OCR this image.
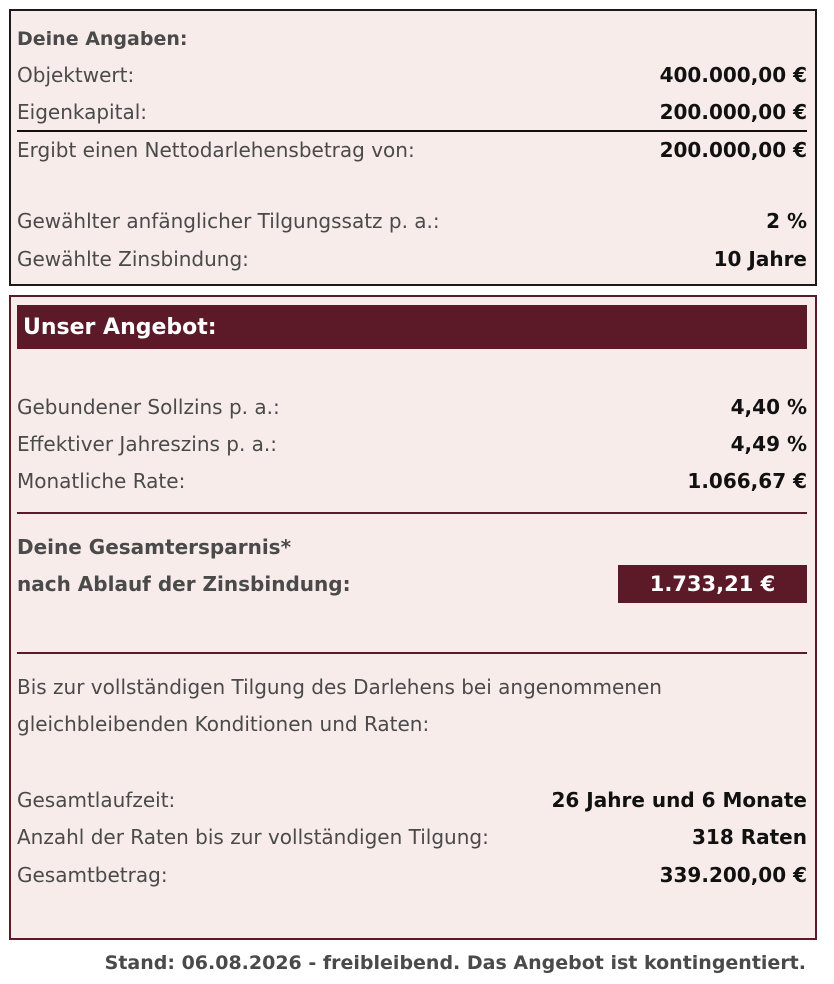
Deine Angaben:
Objektwert:	400.000,00 €
Eigenkapital:	200.000,00 €
Ergibt einen Nettodarlehensbetrag von:	200.000,00 €
Gewählter anfänglicher Tilgungssatz p. a.:	2 %
Gewählte Zinsbindung:	10 Jahre
Unser Angebot:
Gebundener Sollzins p. a.:	4,40 %
Effektiver Jahreszins p. a.:	4,49 %
Monatliche Rate:	1.066,67 €
Deine Gesamtersparnis*
nach Ablauf der Zinsbindung:	1.733,21 €
Bis zur vollständigen Tilgung des Darlehens bei angenommenen
gleichbleibenden Konditionen und Raten:
Gesamtlaufzeit:	26 Jahre und 6 Monate
Anzahl der Raten bis zur vollständigen Tilgung:	318 Raten
Gesamtbetrag:	339.200,00 €
Stand: 06.08.2026 - freibleibend. Das Angebot ist kontingentiert.
